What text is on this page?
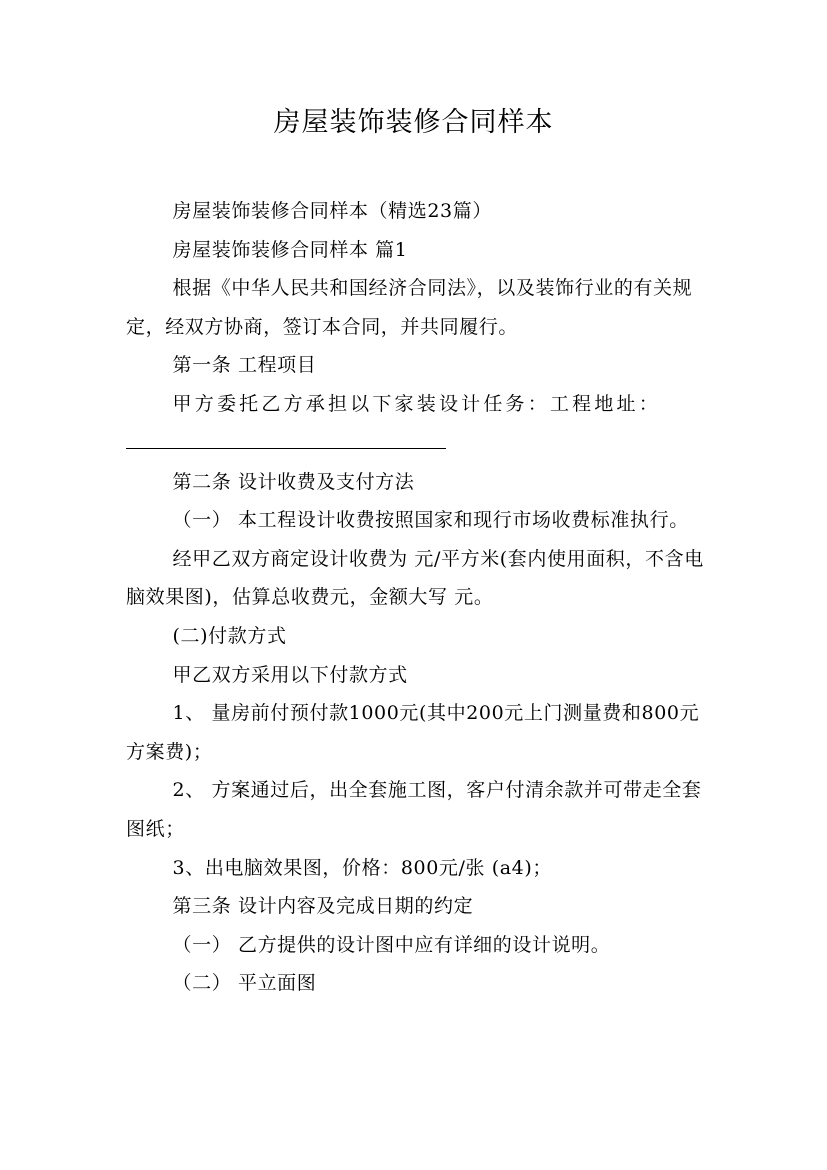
房屋装饰装修合同样本

房屋装饰装修合同样本（精选23篇）

房屋装饰装修合同样本 篇1

根据《中华人民共和国经济合同法》，以及装饰行业的有关规定，经双方协商，签订本合同，并共同履行。

第一条 工程项目

甲方委托乙方承担以下家装设计任务：工程地址：

第二条 设计收费及支付方法

（一） 本工程设计收费按照国家和现行市场收费标准执行。

经甲乙双方商定设计收费为 元/平方米(套内使用面积，不含电脑效果图)，估算总收费元，金额大写 元。

(二)付款方式

甲乙双方采用以下付款方式

1、 量房前付预付款1000元(其中200元上门测量费和800元方案费)；

2、 方案通过后，出全套施工图，客户付清余款并可带走全套图纸；

3、出电脑效果图，价格：800元/张 (a4)；

第三条 设计内容及完成日期的约定

（一） 乙方提供的设计图中应有详细的设计说明。

（二） 平立面图
